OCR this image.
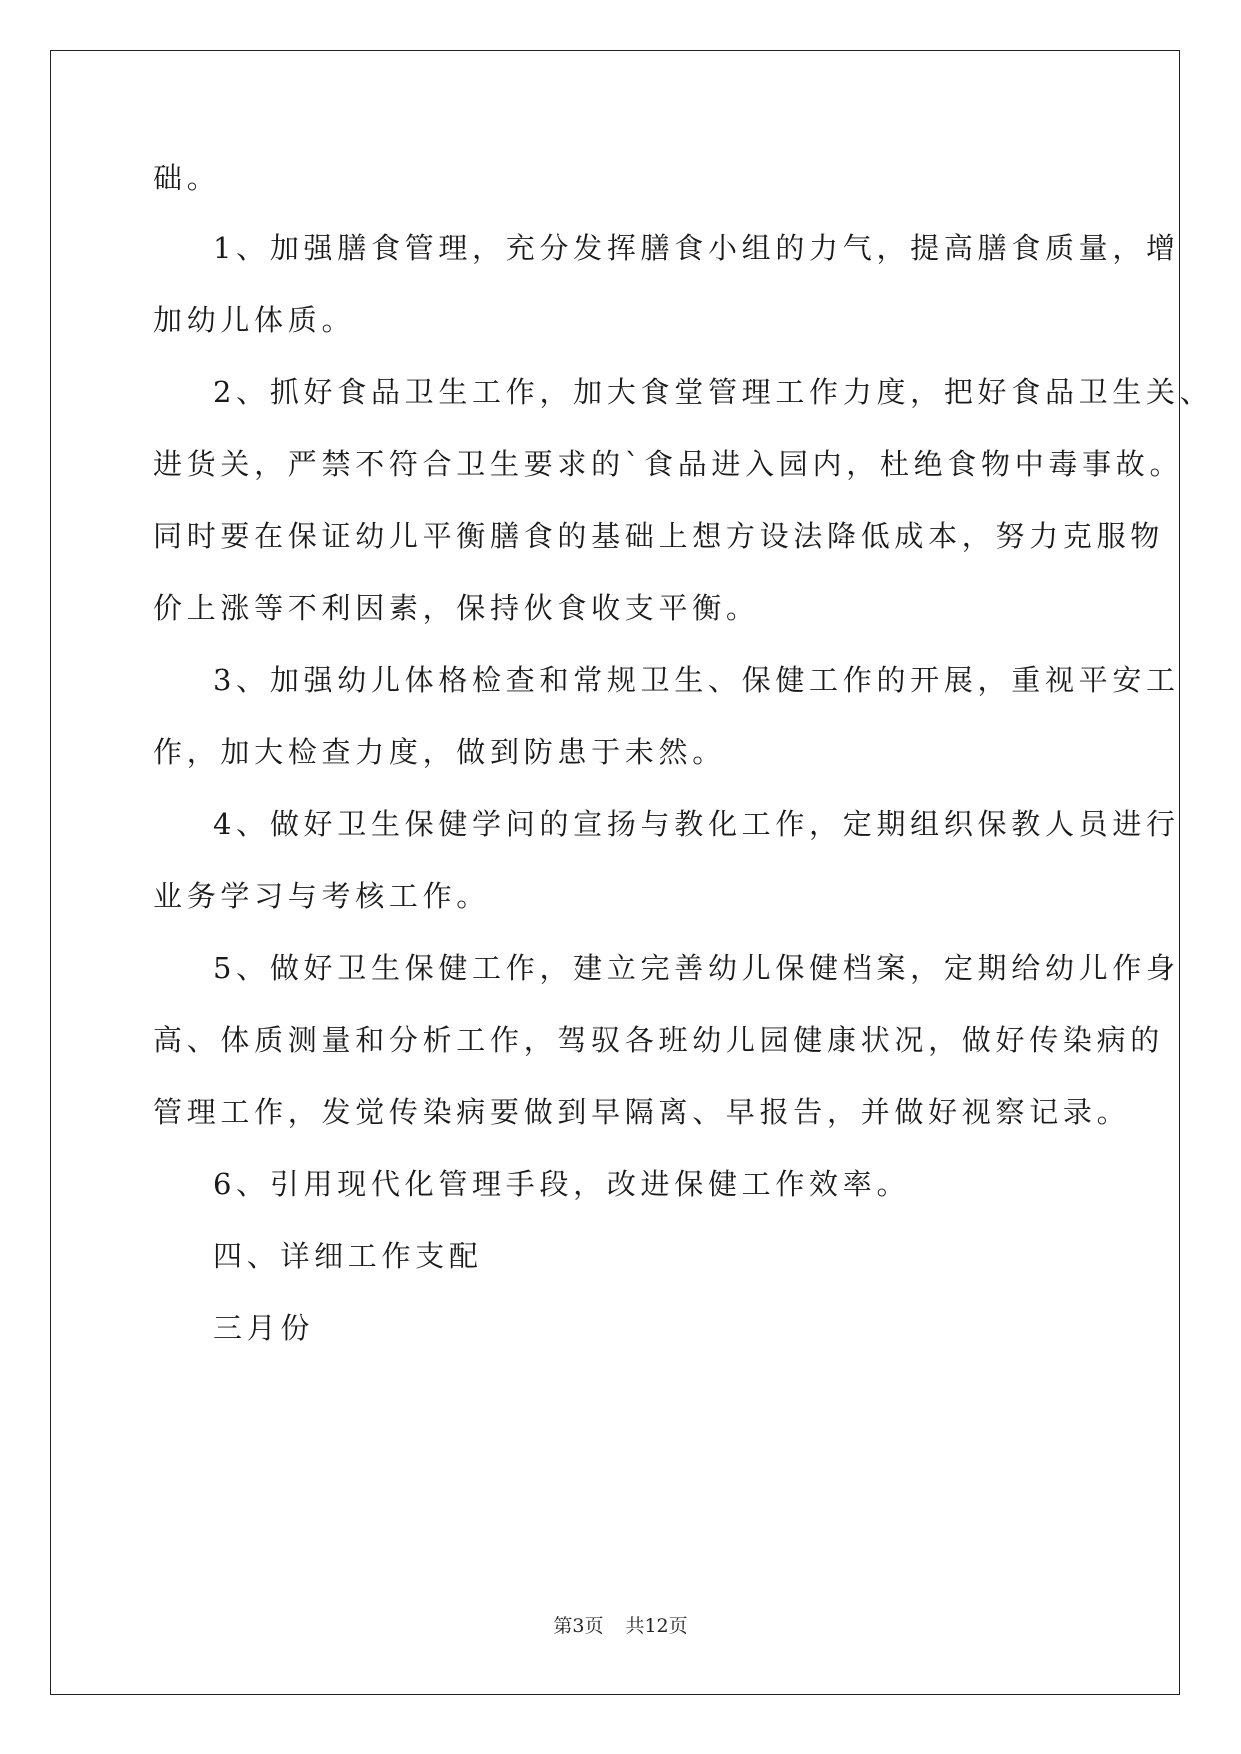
础。
1、加强膳食管理，充分发挥膳食小组的力气，提高膳食质量，增
加幼儿体质。
2、抓好食品卫生工作，加大食堂管理工作力度，把好食品卫生关、
进货关，严禁不符合卫生要求的`食品进入园内，杜绝食物中毒事故。
同时要在保证幼儿平衡膳食的基础上想方设法降低成本，努力克服物
价上涨等不利因素，保持伙食收支平衡。
3、加强幼儿体格检查和常规卫生、保健工作的开展，重视平安工
作，加大检查力度，做到防患于未然。
4、做好卫生保健学问的宣扬与教化工作，定期组织保教人员进行
业务学习与考核工作。
5、做好卫生保健工作，建立完善幼儿保健档案，定期给幼儿作身
高、体质测量和分析工作，驾驭各班幼儿园健康状况，做好传染病的
管理工作，发觉传染病要做到早隔离、早报告，并做好视察记录。
6、引用现代化管理手段，改进保健工作效率。
四、详细工作支配
三月份
第3页 共12页
